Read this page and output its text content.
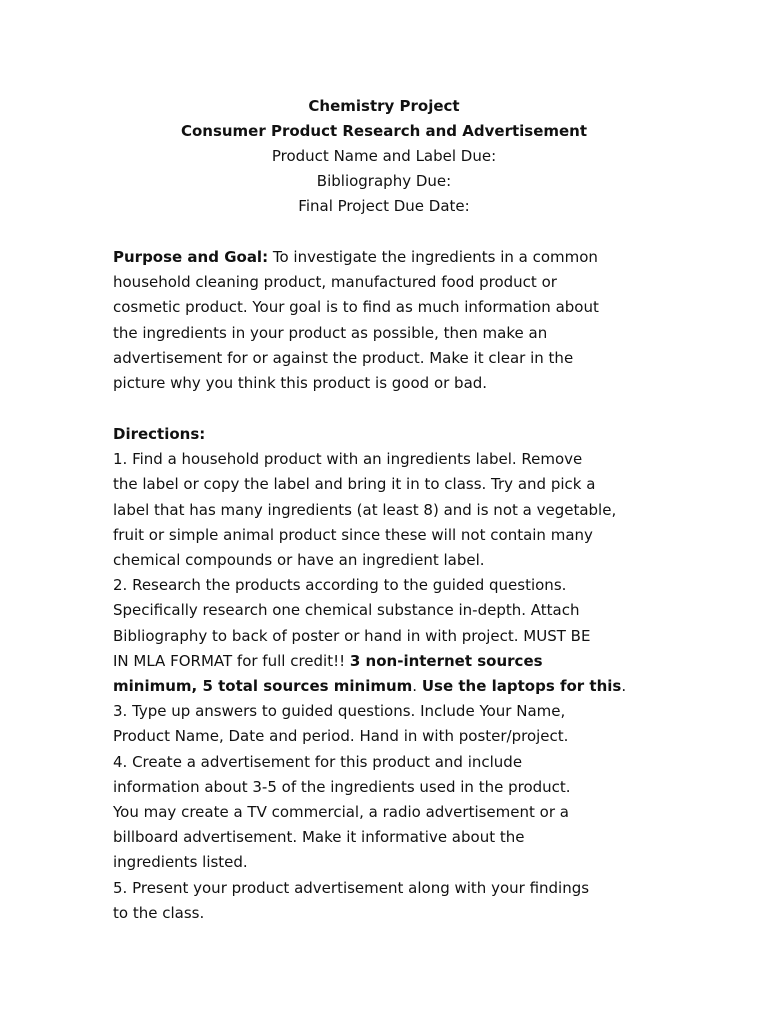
Chemistry Project
Consumer Product Research and Advertisement
Product Name and Label Due:
Bibliography Due:
Final Project Due Date:
Purpose and Goal: To investigate the ingredients in a common
household cleaning product, manufactured food product or
cosmetic product. Your goal is to find as much information about
the ingredients in your product as possible, then make an
advertisement for or against the product. Make it clear in the
picture why you think this product is good or bad.
Directions:
1. Find a household product with an ingredients label. Remove
the label or copy the label and bring it in to class. Try and pick a
label that has many ingredients (at least 8) and is not a vegetable,
fruit or simple animal product since these will not contain many
chemical compounds or have an ingredient label.
2. Research the products according to the guided questions.
Specifically research one chemical substance in-depth. Attach
Bibliography to back of poster or hand in with project. MUST BE
IN MLA FORMAT for full credit!! 3 non-internet sources
minimum, 5 total sources minimum. Use the laptops for this.
3. Type up answers to guided questions. Include Your Name,
Product Name, Date and period. Hand in with poster/project.
4. Create a advertisement for this product and include
information about 3-5 of the ingredients used in the product.
You may create a TV commercial, a radio advertisement or a
billboard advertisement. Make it informative about the
ingredients listed.
5. Present your product advertisement along with your findings
to the class.
